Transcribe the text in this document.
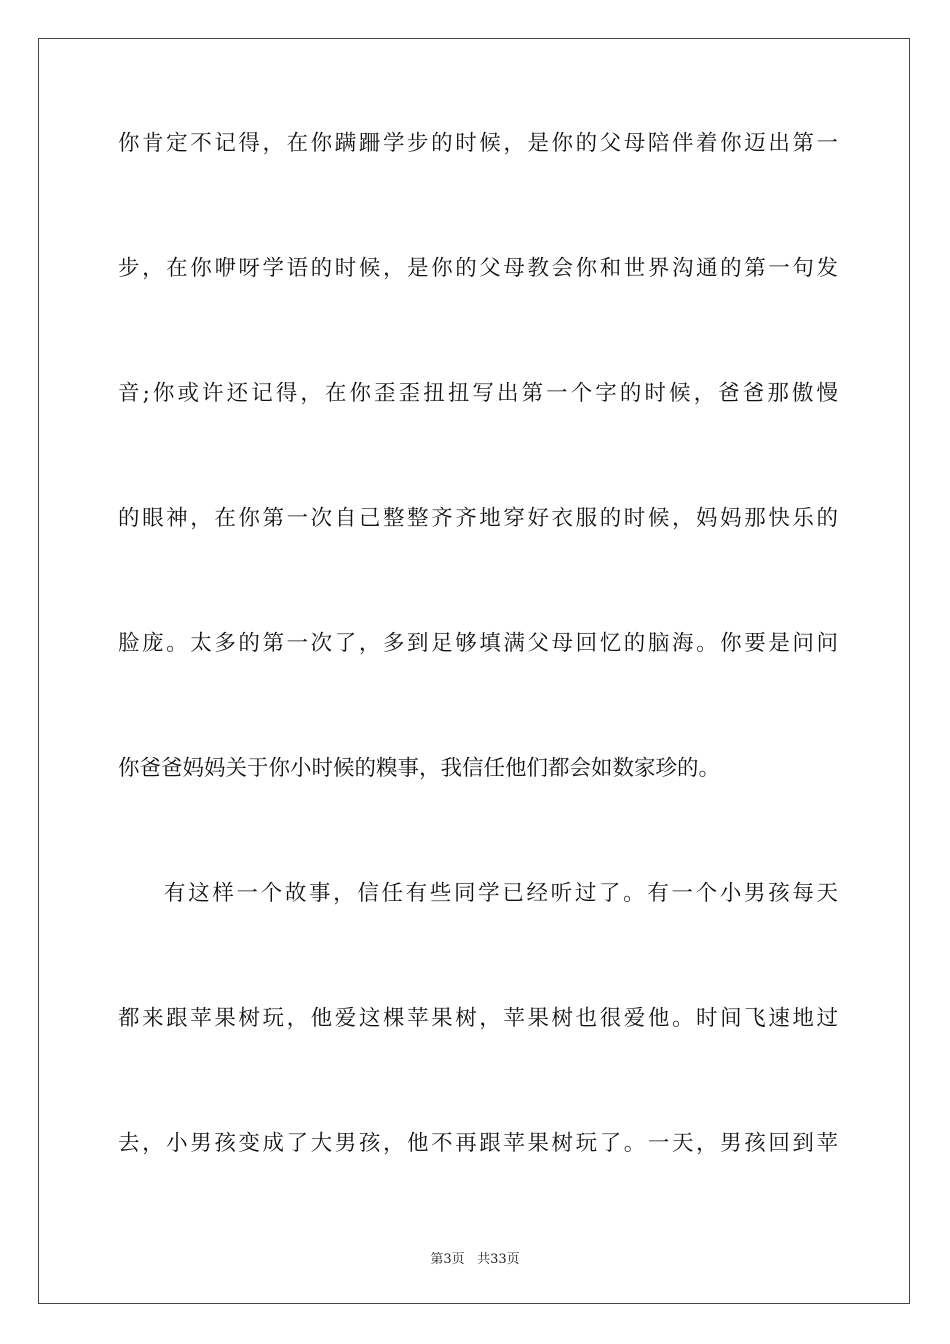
你肯定不记得，在你蹒跚学步的时候，是你的父母陪伴着你迈出第一
步，在你咿呀学语的时候，是你的父母教会你和世界沟通的第一句发
音;你或许还记得，在你歪歪扭扭写出第一个字的时候，爸爸那傲慢
的眼神，在你第一次自己整整齐齐地穿好衣服的时候，妈妈那快乐的
脸庞。太多的第一次了，多到足够填满父母回忆的脑海。你要是问问
你爸爸妈妈关于你小时候的糗事，我信任他们都会如数家珍的。
有这样一个故事，信任有些同学已经听过了。有一个小男孩每天
都来跟苹果树玩，他爱这棵苹果树，苹果树也很爱他。时间飞速地过
去，小男孩变成了大男孩，他不再跟苹果树玩了。一天，男孩回到苹
第3页 共33页
